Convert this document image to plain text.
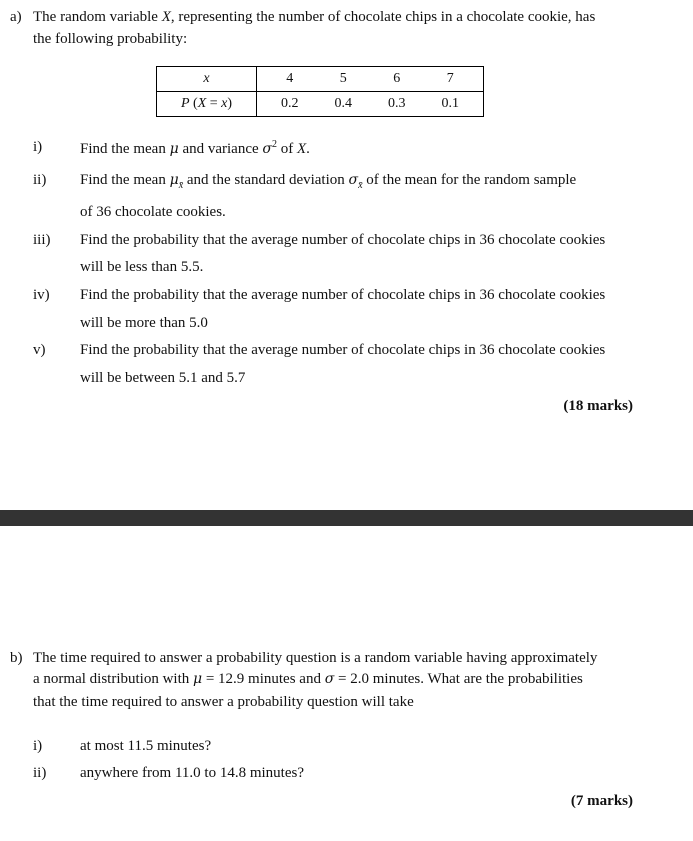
a) The random variable X, representing the number of chocolate chips in a chocolate cookie, has
the following probability:
x	4 5 6 7

P (X = x)	0.2 0.4 0.3 0.1
i)	Find the mean μ and variance $\sigma^2$ of X.
ii) Find the mean $\mu_{x̄}$ and the standard deviation $\sigma_{x̄}$ of the mean for the random sample
of 36 chocolate cookies.
iii) Find the probability that the average number of chocolate chips in 36 chocolate cookies
will be less than 5.5.
iv) Find the probability that the average number of chocolate chips in 36 chocolate cookies
will be more than 5.0
v) Find the probability that the average number of chocolate chips in 36 chocolate cookies
will be between 5.1 and 5.7
(18 marks)
b) The time required to answer a probability question is a random variable having approximately
a normal distribution with μ = 12.9 minutes and σ = 2.0 minutes. What are the probabilities
that the time required to answer a probability question will take
i)	at most 11.5 minutes?
ii) anywhere from 11.0 to 14.8 minutes?
(7 marks)
